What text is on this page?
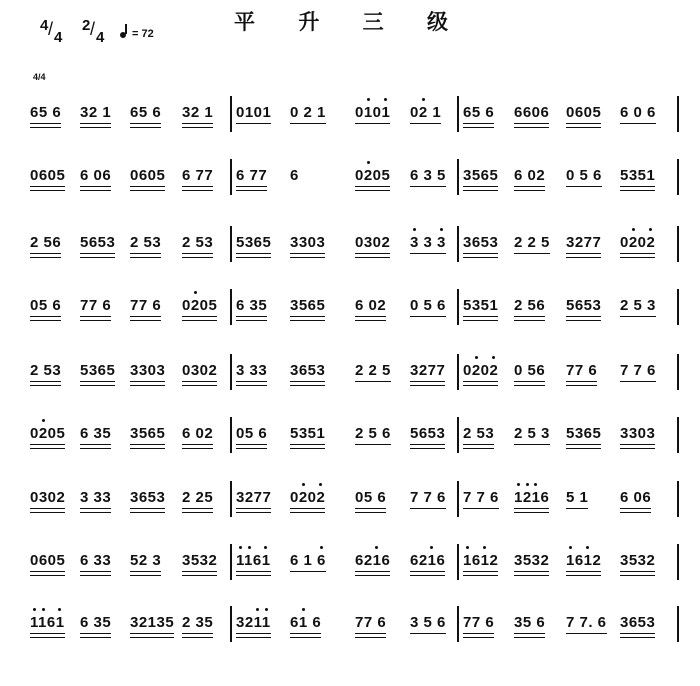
平 升 三 级
4 / 4
2 / 4	= 72
4/4
65 6 32 1 65 6 32 1 0101 0 2 1 0101 02 1 65 6 6606 0605 6 0 6
0605 6 06 0605 6 77 6 77 6	0205 6 3 5 3565 6 02 0 5 6 5351
2 56 5653 2 53 2 53 5365 3303 0302 3 3 3 3653 2 2 5 3277 0202
05 6 77 6 77 6 0205 6 35 3565 6 02 0 5 6 5351 2 56 5653 2 5 3
2 53 5365 3303 0302 3 33 3653 2 2 5 3277 0202 0 56 77 6 7 7 6
0205 6 35 3565 6 02 05 6 5351 2 5 6 5653 2 53 2 5 3 5365 3303
0302 3 33 3653 2 25 3277 0202 05 6 7 7 6 7 7 6 1216 5 1 6 06
0605 6 33 52 3 3532 1161 6 1 6 6216 6216 1612 3532 1612 3532
1161 6 35 32135 2 35 3211 61 6 77 6 3 5 6 77 6 35 6 7 7. 6 3653
